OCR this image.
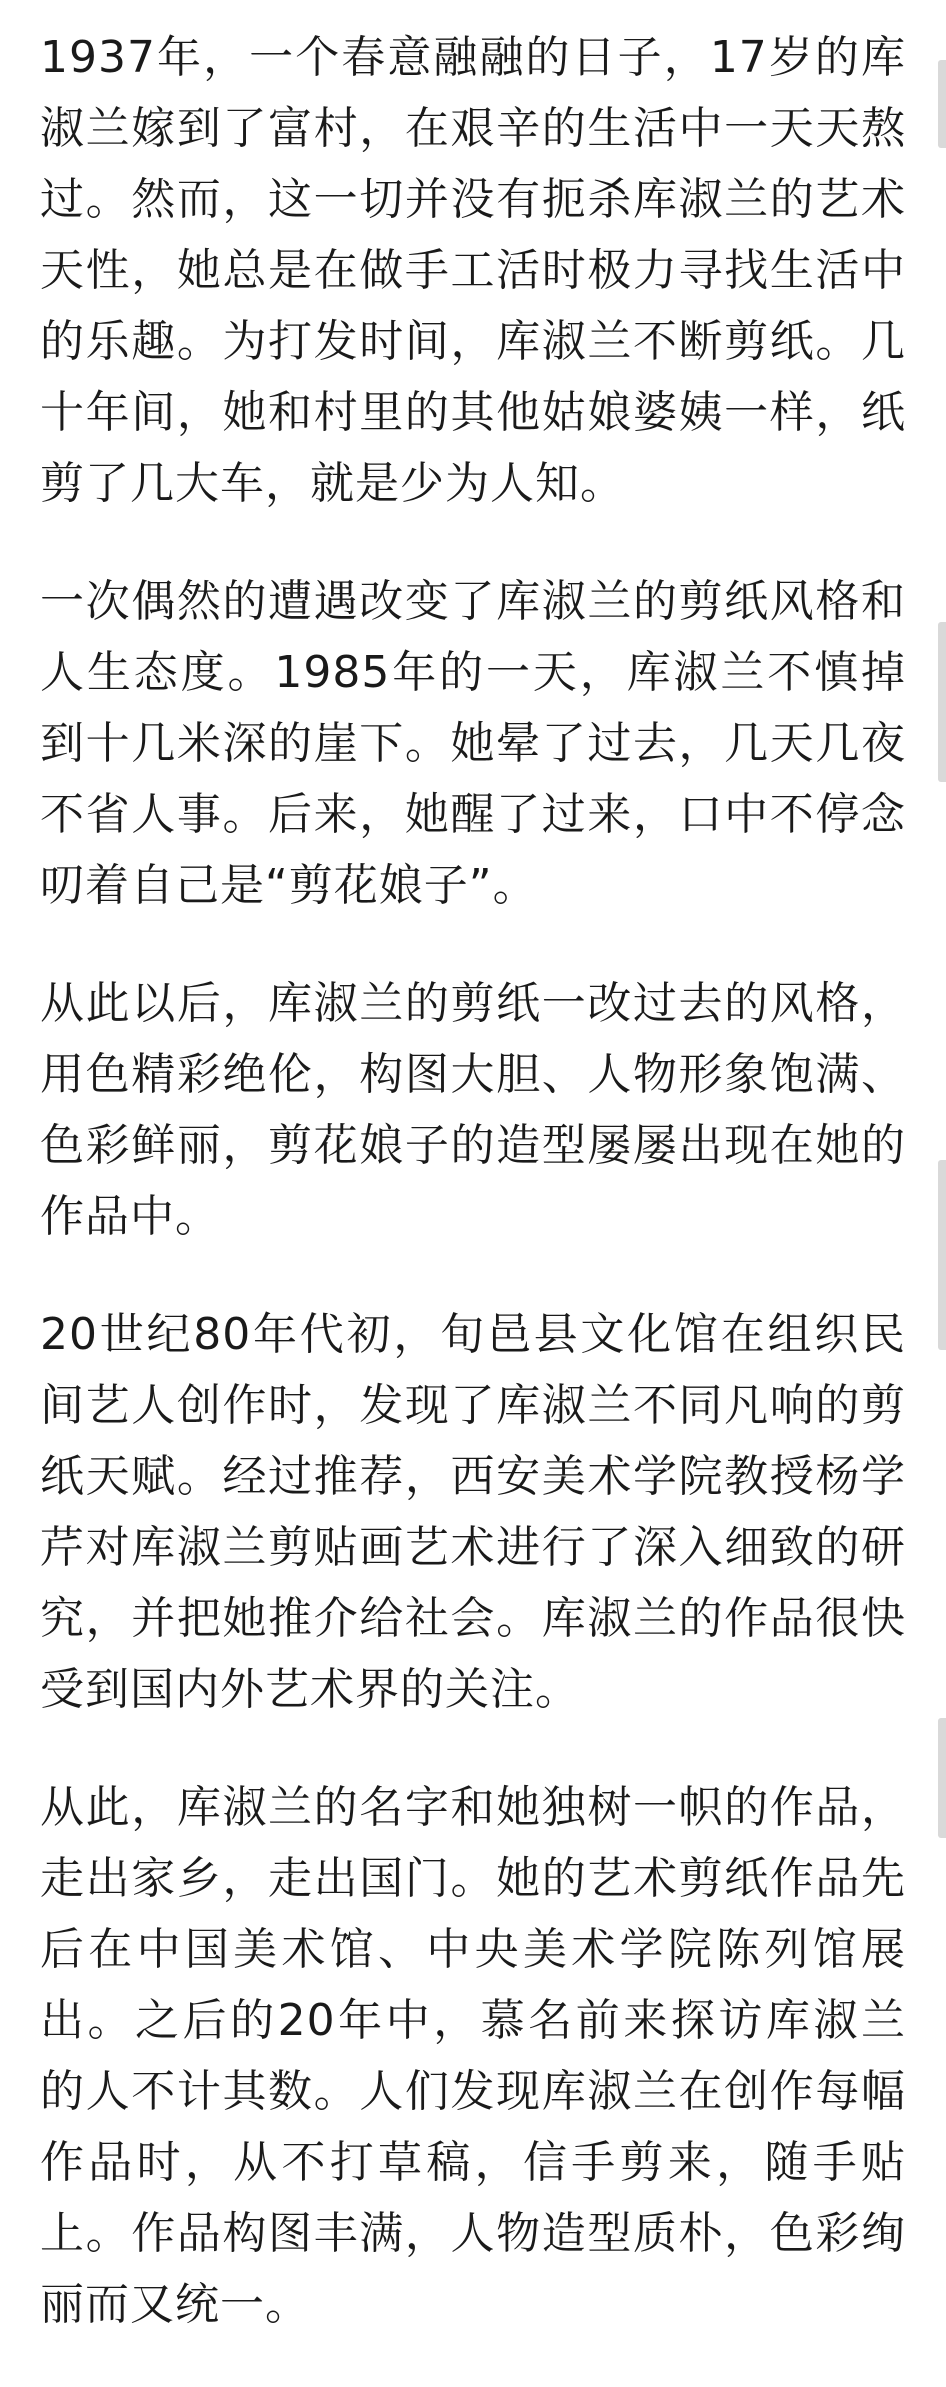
1937年，一个春意融融的日子，17岁的库淑兰嫁到了富村，在艰辛的生活中一天天熬过。然而，这一切并没有扼杀库淑兰的艺术天性，她总是在做手工活时极力寻找生活中的乐趣。为打发时间，库淑兰不断剪纸。几十年间，她和村里的其他姑娘婆姨一样，纸剪了几大车，就是少为人知。

一次偶然的遭遇改变了库淑兰的剪纸风格和人生态度。1985年的一天，库淑兰不慎掉到十几米深的崖下。她晕了过去，几天几夜不省人事。后来，她醒了过来，口中不停念叨着自己是“剪花娘子”。

从此以后，库淑兰的剪纸一改过去的风格，用色精彩绝伦，构图大胆、人物形象饱满、色彩鲜丽，剪花娘子的造型屡屡出现在她的作品中。

20世纪80年代初，旬邑县文化馆在组织民间艺人创作时，发现了库淑兰不同凡响的剪纸天赋。经过推荐，西安美术学院教授杨学芹对库淑兰剪贴画艺术进行了深入细致的研究，并把她推介给社会。库淑兰的作品很快受到国内外艺术界的关注。

从此，库淑兰的名字和她独树一帜的作品，走出家乡，走出国门。她的艺术剪纸作品先后在中国美术馆、中央美术学院陈列馆展出。之后的20年中，慕名前来探访库淑兰的人不计其数。人们发现库淑兰在创作每幅作品时，从不打草稿，信手剪来，随手贴上。作品构图丰满，人物造型质朴，色彩绚丽而又统一。
